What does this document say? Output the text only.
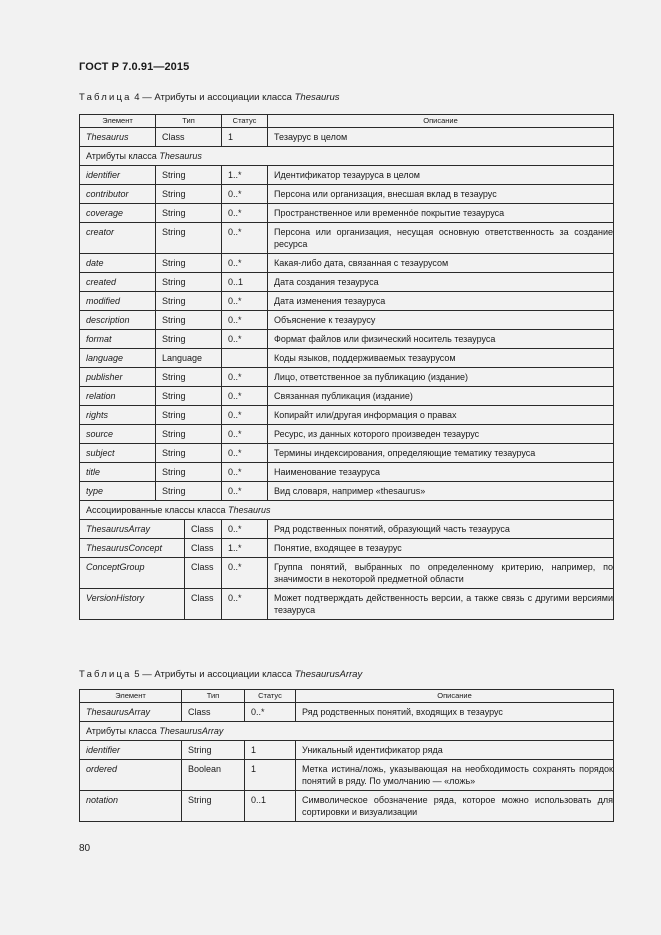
ГОСТ Р 7.0.91—2015
Таблица 4 — Атрибуты и ассоциации класса Thesaurus
Элемент	Тип		Статус	Описание
Thesaurus	Class		1	Тезаурус в целом
Атрибуты класса Thesaurus				
identifier	String		1..*	Идентификатор тезауруса в целом
contributor	String		0..*	Персона или организация, внесшая вклад в тезаурус
coverage	String		0..*	Пространственное или временнóе покрытие тезауруса
creator	String		0..*	Персона или организация, несущая основную ответственность за создание ресурса
date	String		0..*	Какая-либо дата, связанная с тезаурусом
created	String		0..1	Дата создания тезауруса
modified	String		0..*	Дата изменения тезауруса
description	String		0..*	Объяснение к тезаурусу
format	String		0..*	Формат файлов или физический носитель тезауруса
language	Language			Коды языков, поддерживаемых тезаурусом
publisher	String		0..*	Лицо, ответственное за публикацию (издание)
relation	String		0..*	Связанная публикация (издание)
rights	String		0..*	Копирайт или/другая информация о правах
source	String		0..*	Ресурс, из данных которого произведен тезаурус
subject	String		0..*	Термины индексирования, определяющие тематику тезауруса
title	String		0..*	Наименование тезауруса
type	String		0..*	Вид словаря, например «thesaurus»
Ассоциированные классы класса Thesaurus				
ThesaurusArray		Class	0..*	Ряд родственных понятий, образующий часть тезауруса
ThesaurusConcept		Class	1..*	Понятие, входящее в тезаурус
ConceptGroup		Class	0..*	Группа понятий, выбранных по определенному критерию, например, по значимости в некоторой предметной области
VersionHistory		Class	0..*	Может подтверждать действенность версии, а также связь с другими версиями тезауруса
Таблица 5 — Атрибуты и ассоциации класса ThesaurusArray
Элемент	Тип	Статус	Описание
ThesaurusArray	Class	0..*	Ряд родственных понятий, входящих в тезаурус
Атрибуты класса ThesaurusArray			
identifier	String	1	Уникальный идентификатор ряда
ordered	Boolean	1	Метка истина/ложь, указывающая на необходимость сохранять порядок понятий в ряду. По умолчанию — «ложь»
notation	String	0..1	Символическое обозначение ряда, которое можно использовать для сортировки и визуализации
80
